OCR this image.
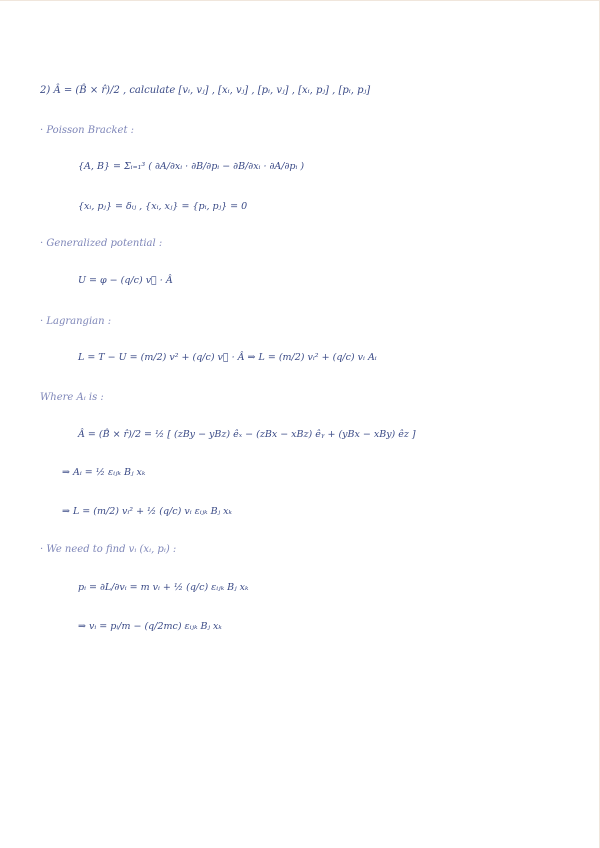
2) Â = (B̂ × r̂)/2 , calculate [vᵢ, vⱼ] , [xᵢ, vⱼ] , [pᵢ, vⱼ] , [xᵢ, pⱼ] , [pᵢ, pⱼ]
· Poisson Bracket :
{A, B} = Σᵢ₌₁³ ( ∂A/∂xᵢ · ∂B/∂pᵢ − ∂B/∂xᵢ · ∂A/∂pᵢ )
{xᵢ, pⱼ} = δᵢⱼ , {xᵢ, xⱼ} = {pᵢ, pⱼ} = 0
· Generalized potential :
U = φ − (q/c) v⃗ · Â
· Lagrangian :
L = T − U = (m/2) v² + (q/c) v⃗ · Â ⇒ L = (m/2) vᵢ² + (q/c) vᵢ Aᵢ
Where Aᵢ is :
Â = (B̂ × r̂)/2 = ½ [ (zBy − yBz) êₓ − (zBx − xBz) êᵧ + (yBx − xBy) êz ]
⇒ Aᵢ = ½ εᵢⱼₖ Bⱼ xₖ
⇒ L = (m/2) vᵢ² + ½ (q/c) vᵢ εᵢⱼₖ Bⱼ xₖ
· We need to find vᵢ (xᵢ, pᵢ) :
pᵢ = ∂L/∂vᵢ = m vᵢ + ½ (q/c) εᵢⱼₖ Bⱼ xₖ
⇒ vᵢ = pᵢ/m − (q/2mc) εᵢⱼₖ Bⱼ xₖ
